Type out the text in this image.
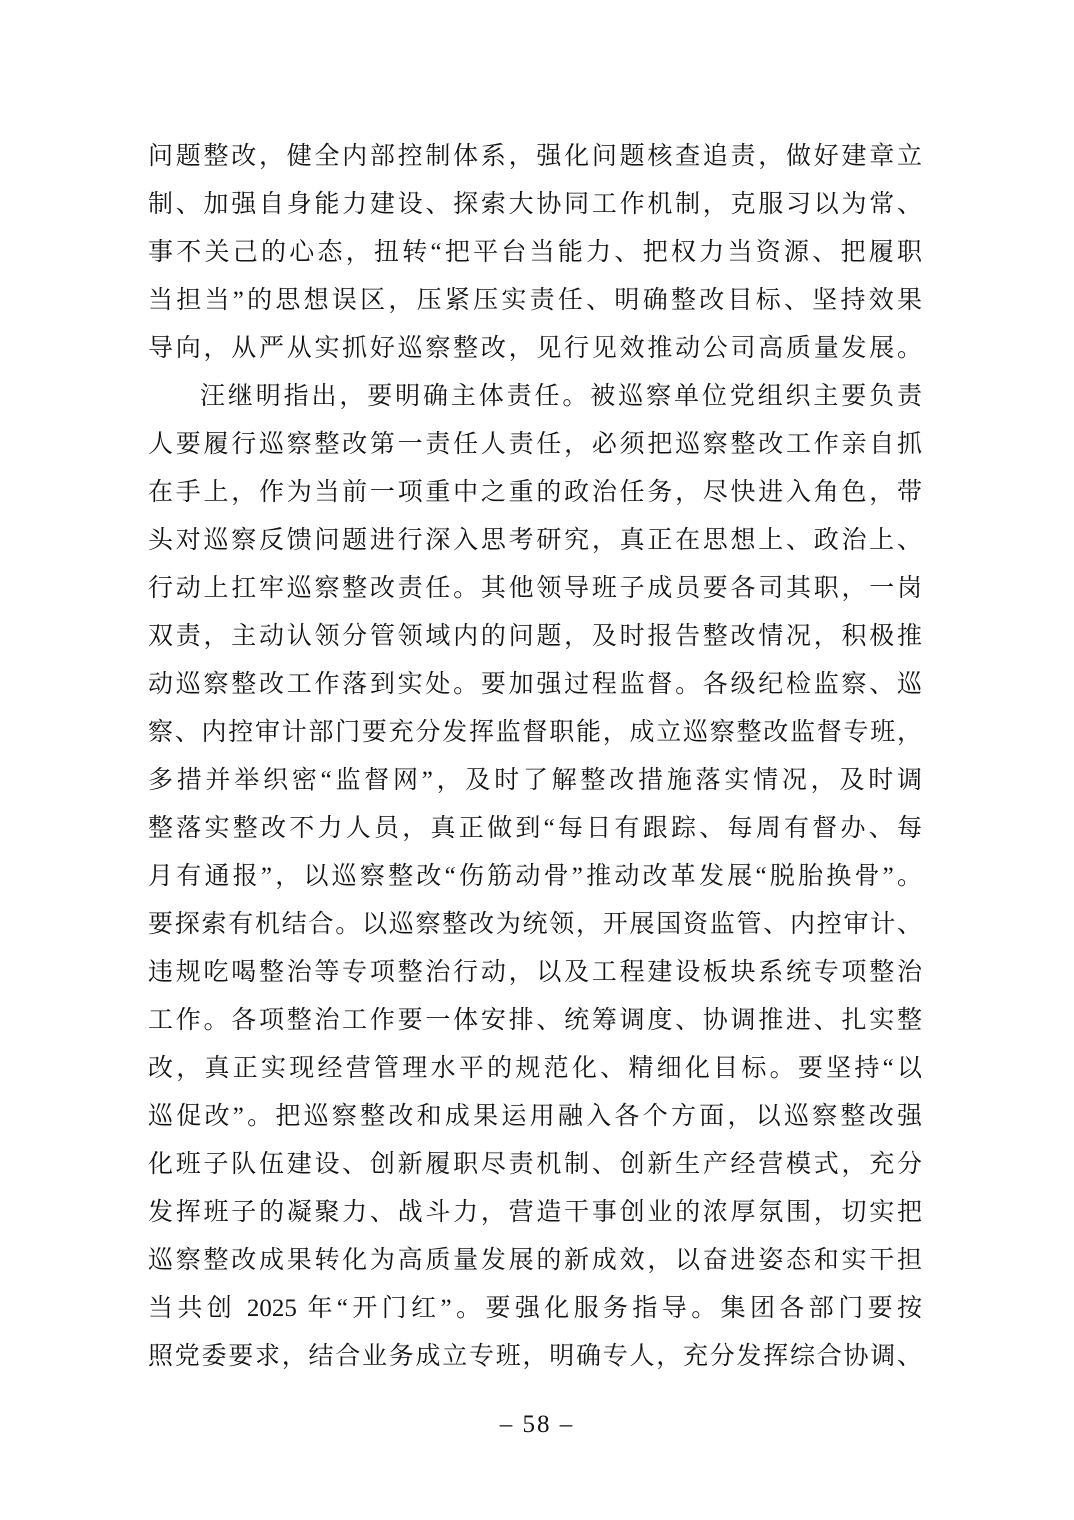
问题整改，健全内部控制体系，强化问题核查追责，做好建章立
制、加强自身能力建设、探索大协同工作机制，克服习以为常、
事不关己的心态，扭转“把平台当能力、把权力当资源、把履职
当担当”的思想误区，压紧压实责任、明确整改目标、坚持效果
导向，从严从实抓好巡察整改，见行见效推动公司高质量发展。
汪继明指出，要明确主体责任。被巡察单位党组织主要负责
人要履行巡察整改第一责任人责任，必须把巡察整改工作亲自抓
在手上，作为当前一项重中之重的政治任务，尽快进入角色，带
头对巡察反馈问题进行深入思考研究，真正在思想上、政治上、
行动上扛牢巡察整改责任。其他领导班子成员要各司其职，一岗
双责，主动认领分管领域内的问题，及时报告整改情况，积极推
动巡察整改工作落到实处。要加强过程监督。各级纪检监察、巡
察、内控审计部门要充分发挥监督职能，成立巡察整改监督专班，
多措并举织密“监督网”，及时了解整改措施落实情况，及时调
整落实整改不力人员，真正做到“每日有跟踪、每周有督办、每
月有通报”，以巡察整改“伤筋动骨”推动改革发展“脱胎换骨”。
要探索有机结合。以巡察整改为统领，开展国资监管、内控审计、
违规吃喝整治等专项整治行动，以及工程建设板块系统专项整治
工作。各项整治工作要一体安排、统筹调度、协调推进、扎实整
改，真正实现经营管理水平的规范化、精细化目标。要坚持“以
巡促改”。把巡察整改和成果运用融入各个方面，以巡察整改强
化班子队伍建设、创新履职尽责机制、创新生产经营模式，充分
发挥班子的凝聚力、战斗力，营造干事创业的浓厚氛围，切实把
巡察整改成果转化为高质量发展的新成效，以奋进姿态和实干担
当共创 2025 年“开门红”。要强化服务指导。集团各部门要按
照党委要求，结合业务成立专班，明确专人，充分发挥综合协调、
– 58 –
